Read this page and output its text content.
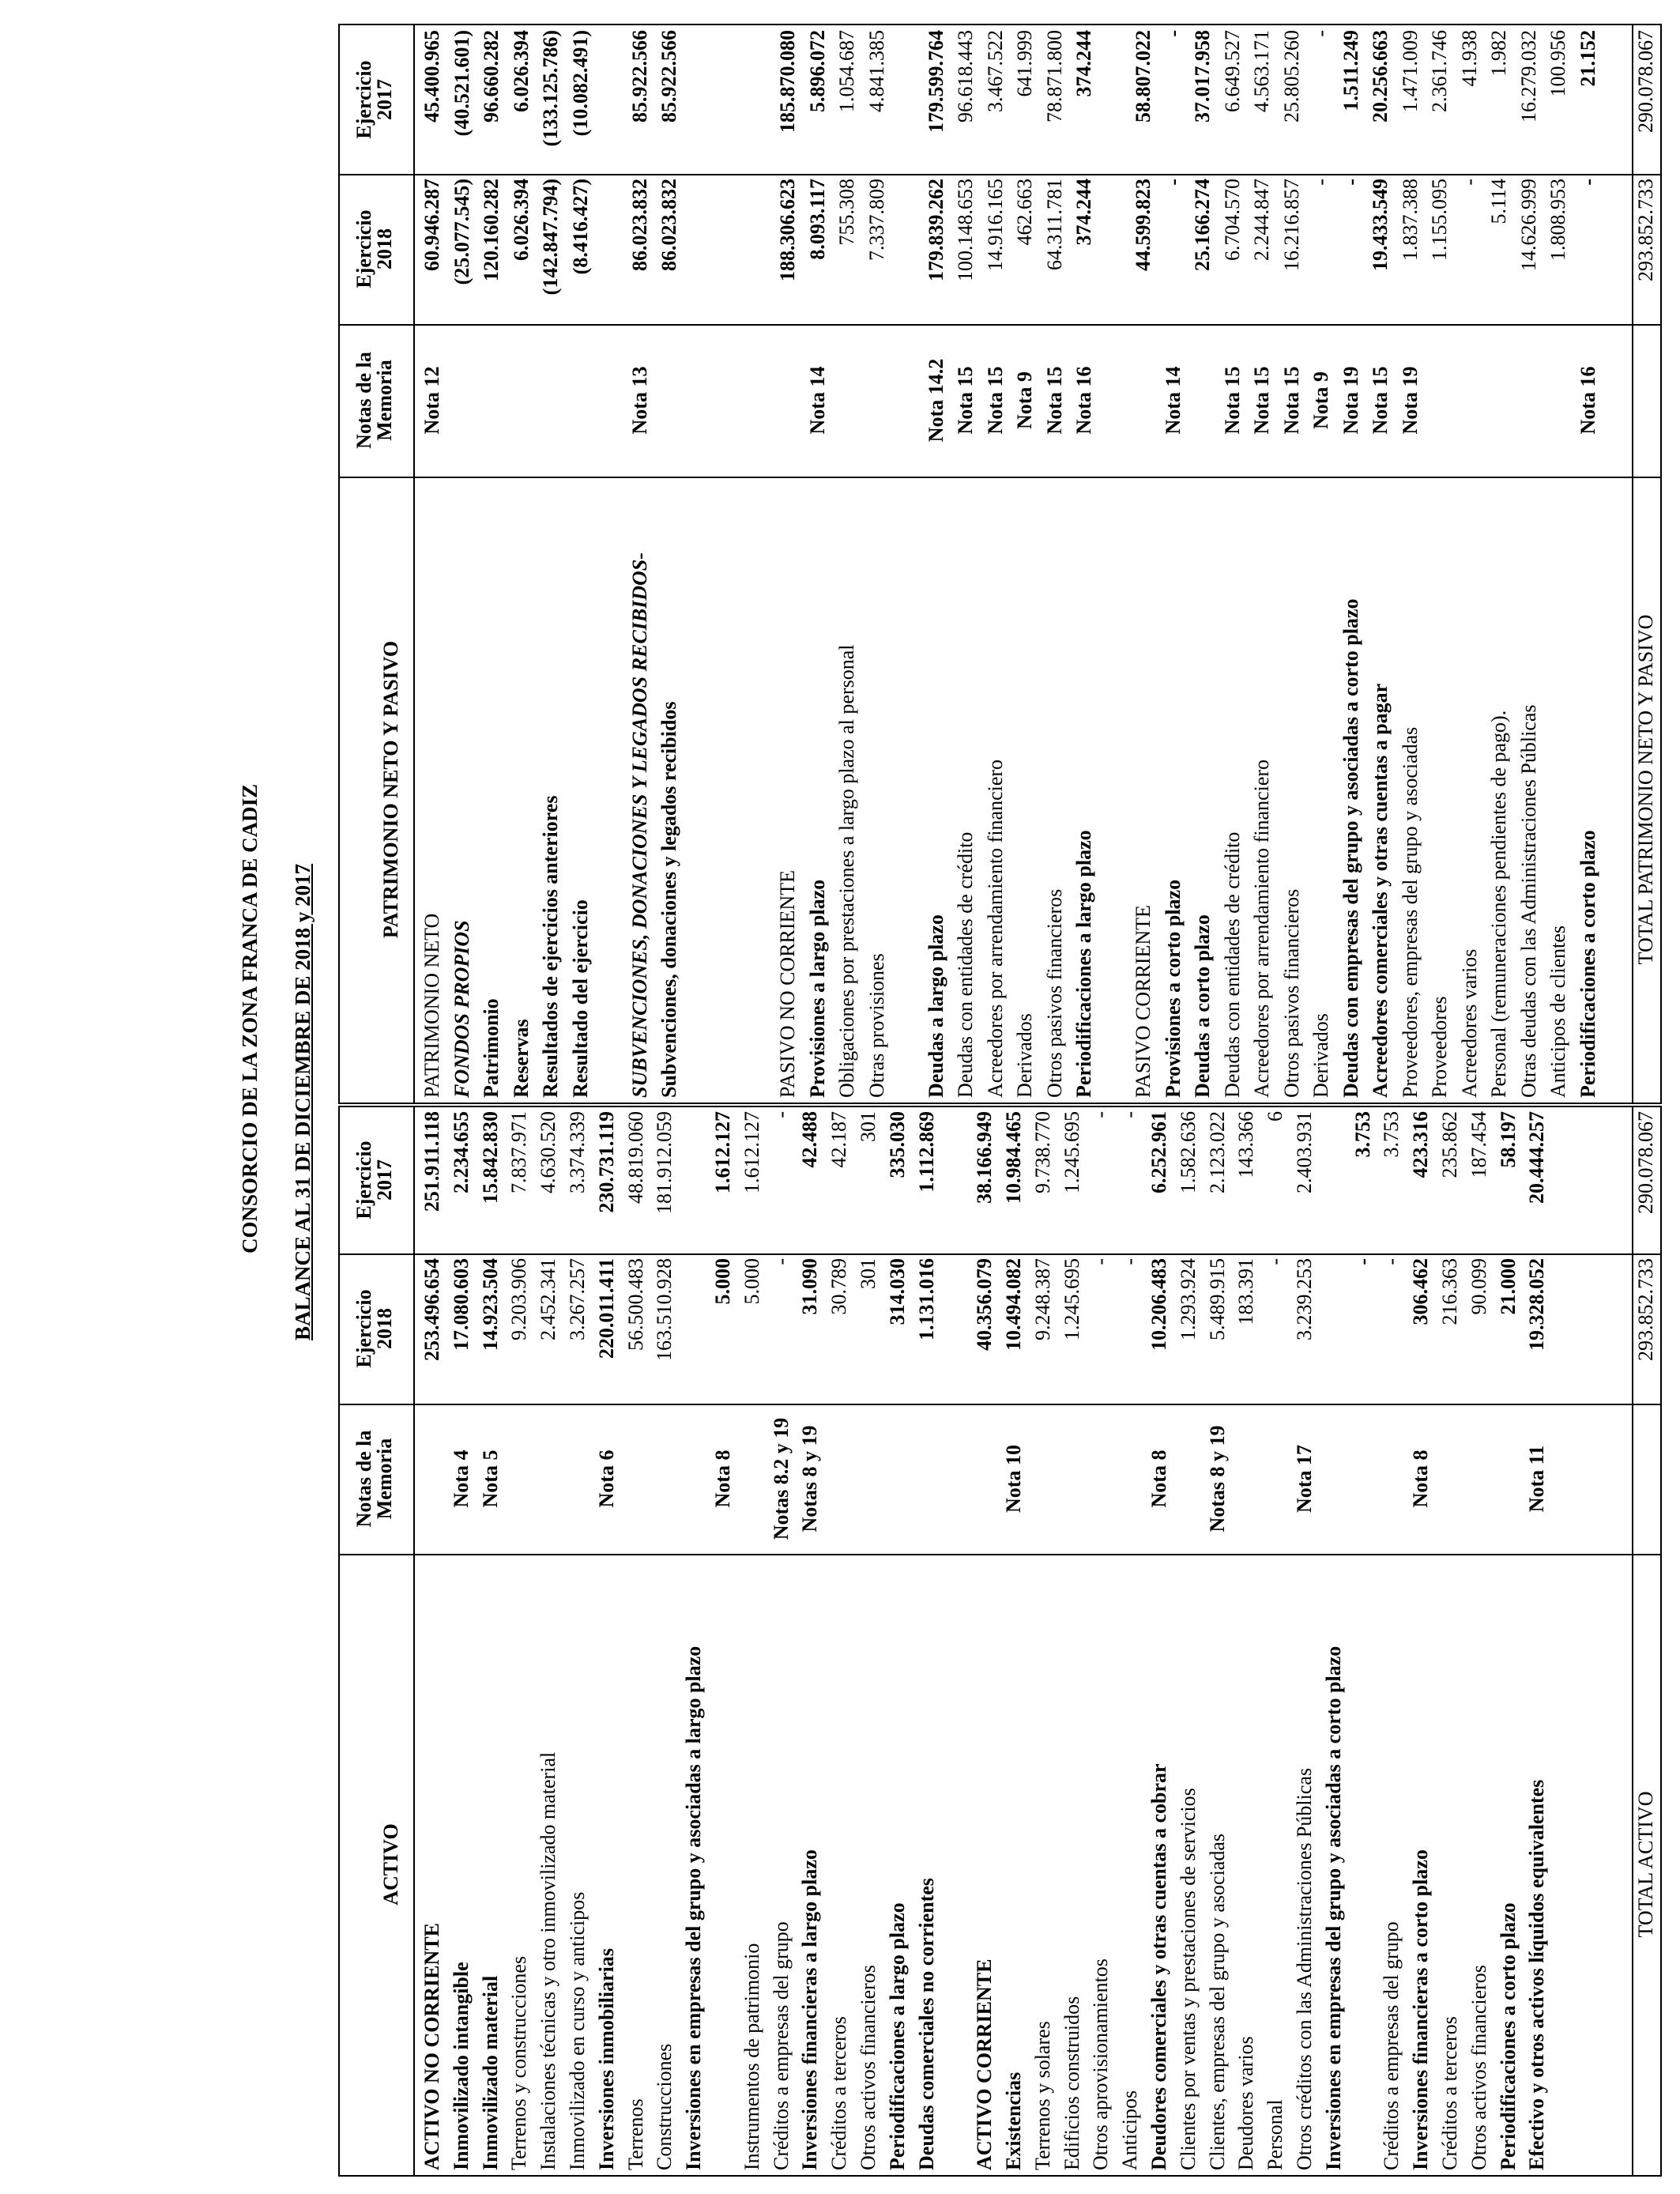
CONSORCIO DE LA ZONA FRANCA DE CADIZ BALANCE AL 31 DE DICIEMBRE DE 2018 y 2017
ACTIVO
Notas de la
Memoria
Ejercicio
2018
Ejercicio
2017
ACTIVO NO CORRIENTE
253.496.654
251.911.118
Inmovilizado intangible
Nota 4
17.080.603
2.234.655
Inmovilizado material
Nota 5
14.923.504
15.842.830
Terrenos y construcciones
9.203.906
7.837.971
Instalaciones técnicas y otro inmovilizado material
2.452.341
4.630.520
Inmovilizado en curso y anticipos
3.267.257
3.374.339
Inversiones inmobiliarias
Nota 6
220.011.411
230.731.119
Terrenos
56.500.483
48.819.060
Construcciones
163.510.928
181.912.059
Inversiones en empresas del grupo y asociadas a largo plazo
Nota 8
5.000
1.612.127
Instrumentos de patrimonio
5.000
1.612.127
Créditos a empresas del grupo
Notas 8.2 y 19
-
-
Inversiones financieras a largo plazo
Notas 8 y 19
31.090
42.488
Créditos a terceros
30.789
42.187
Otros activos financieros
301
301
Periodificaciones a largo plazo
314.030
335.030
Deudas comerciales no corrientes
1.131.016
1.112.869
ACTIVO CORRIENTE
40.356.079
38.166.949
Existencias
Nota 10
10.494.082
10.984.465
Terrenos y solares
9.248.387
9.738.770
Edificios construidos
1.245.695
1.245.695
Otros aprovisionamientos
-
-
Anticipos
-
-
Deudores comerciales y otras cuentas a cobrar
Nota 8
10.206.483
6.252.961
Clientes por ventas y prestaciones de servicios
1.293.924
1.582.636
Clientes, empresas del grupo y asociadas
Notas 8 y 19
5.489.915
2.123.022
Deudores varios
183.391
143.366
Personal
-
6
Otros créditos con las Administraciones Públicas
Nota 17
3.239.253
2.403.931
Inversiones en empresas del grupo y asociadas a corto plazo
-
3.753
Créditos a empresas del grupo
-
3.753
Inversiones financieras a corto plazo
Nota 8
306.462
423.316
Créditos a terceros
216.363
235.862
Otros activos financieros
90.099
187.454
Periodificaciones a corto plazo
21.000
58.197
Efectivo y otros activos líquidos equivalentes
Nota 11
19.328.052
20.444.257
TOTAL ACTIVO
293.852.733
290.078.067
PATRIMONIO NETO Y PASIVO
Notas de la
Memoria
Ejercicio
2018
Ejercicio
2017
PATRIMONIO NETO
Nota 12
60.946.287
45.400.965
FONDOS PROPIOS
(25.077.545)
(40.521.601)
Patrimonio
120.160.282
96.660.282
Reservas
6.026.394
6.026.394
Resultados de ejercicios anteriores
(142.847.794)
(133.125.786)
Resultado del ejercicio
(8.416.427)
(10.082.491)
SUBVENCIONES, DONACIONES Y LEGADOS RECIBIDOS-
Nota 13
86.023.832
85.922.566
Subvenciones, donaciones y legados recibidos
86.023.832
85.922.566
PASIVO NO CORRIENTE
188.306.623
185.870.080
Provisiones a largo plazo
Nota 14
8.093.117
5.896.072
Obligaciones por prestaciones a largo plazo al personal
755.308
1.054.687
Otras provisiones
7.337.809
4.841.385
Deudas a largo plazo
Nota 14.2
179.839.262
179.599.764
Deudas con entidades de crédito
Nota 15
100.148.653
96.618.443
Acreedores por arrendamiento financiero
Nota 15
14.916.165
3.467.522
Derivados
Nota 9
462.663
641.999
Otros pasivos financieros
Nota 15
64.311.781
78.871.800
Periodificaciones a largo plazo
Nota 16
374.244
374.244
PASIVO CORRIENTE
44.599.823
58.807.022
Provisiones a corto plazo
Nota 14
-
-
Deudas a corto plazo
25.166.274
37.017.958
Deudas con entidades de crédito
Nota 15
6.704.570
6.649.527
Acreedores por arrendamiento financiero
Nota 15
2.244.847
4.563.171
Otros pasivos financieros
Nota 15
16.216.857
25.805.260
Derivados
Nota 9
-
-
Deudas con empresas del grupo y asociadas a corto plazo
Nota 19
-
1.511.249
Acreedores comerciales y otras cuentas a pagar
Nota 15
19.433.549
20.256.663
Proveedores, empresas del grupo y asociadas
Nota 19
1.837.388
1.471.009
Proveedores
1.155.095
2.361.746
Acreedores varios
-
41.938
Personal (remuneraciones pendientes de pago).
5.114
1.982
Otras deudas con las Administraciones Públicas
14.626.999
16.279.032
Anticipos de clientes
1.808.953
100.956
Periodificaciones a corto plazo
Nota 16
-
21.152
TOTAL PATRIMONIO NETO Y PASIVO
293.852.733
290.078.067
